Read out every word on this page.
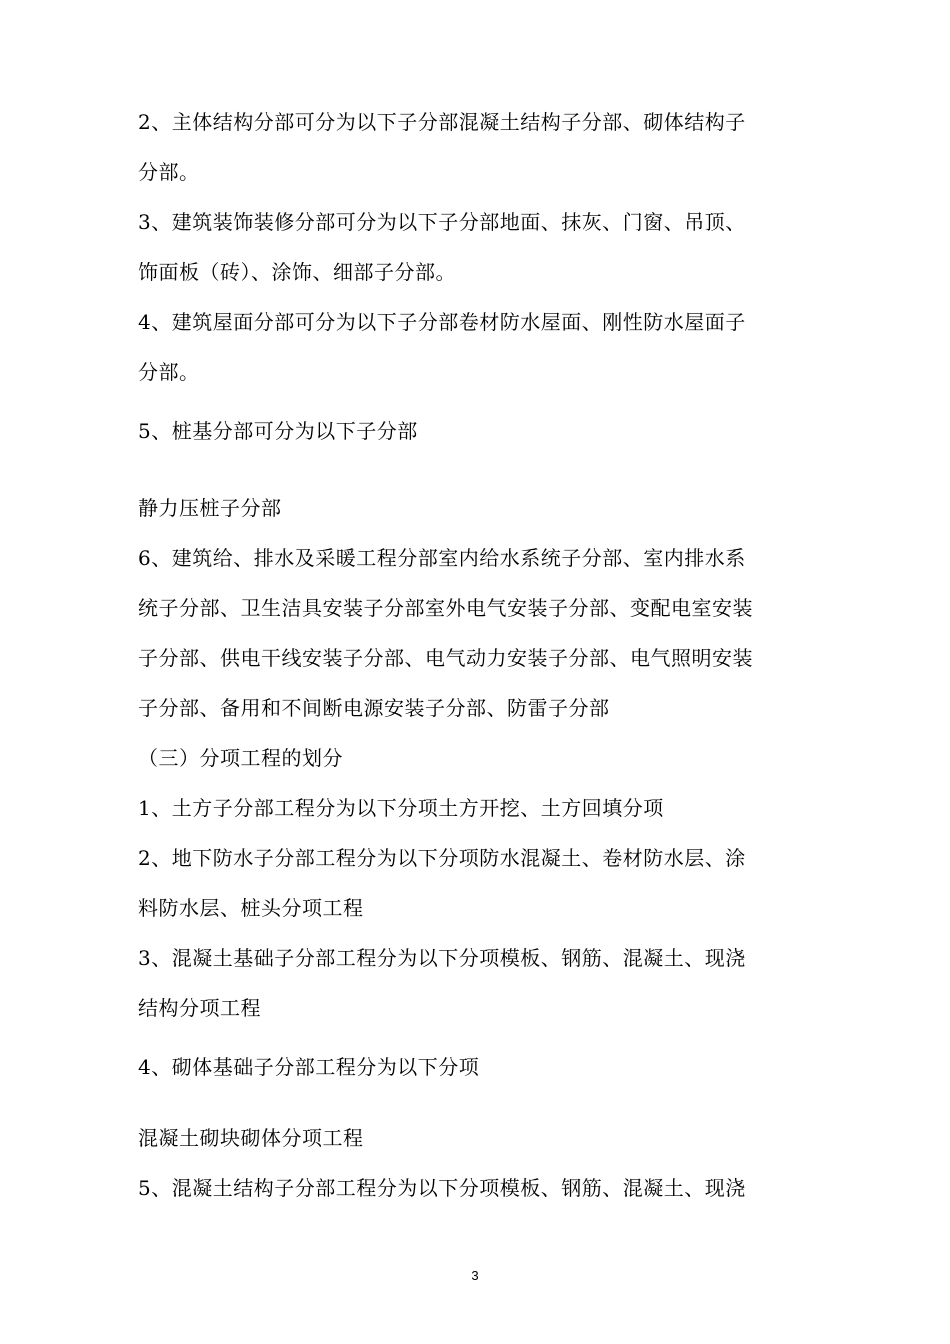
2、主体结构分部可分为以下子分部混凝土结构子分部、砌体结构子
分部。
3、建筑装饰装修分部可分为以下子分部地面、抹灰、门窗、吊顶、
饰面板（砖）、涂饰、细部子分部。
4、建筑屋面分部可分为以下子分部卷材防水屋面、刚性防水屋面子
分部。
5、桩基分部可分为以下子分部
静力压桩子分部
6、建筑给、排水及采暖工程分部室内给水系统子分部、室内排水系
统子分部、卫生洁具安装子分部室外电气安装子分部、变配电室安装
子分部、供电干线安装子分部、电气动力安装子分部、电气照明安装
子分部、备用和不间断电源安装子分部、防雷子分部
（三）分项工程的划分
1、土方子分部工程分为以下分项土方开挖、土方回填分项
2、地下防水子分部工程分为以下分项防水混凝土、卷材防水层、涂
料防水层、桩头分项工程
3、混凝土基础子分部工程分为以下分项模板、钢筋、混凝土、现浇
结构分项工程
4、砌体基础子分部工程分为以下分项
混凝土砌块砌体分项工程
5、混凝土结构子分部工程分为以下分项模板、钢筋、混凝土、现浇
3
